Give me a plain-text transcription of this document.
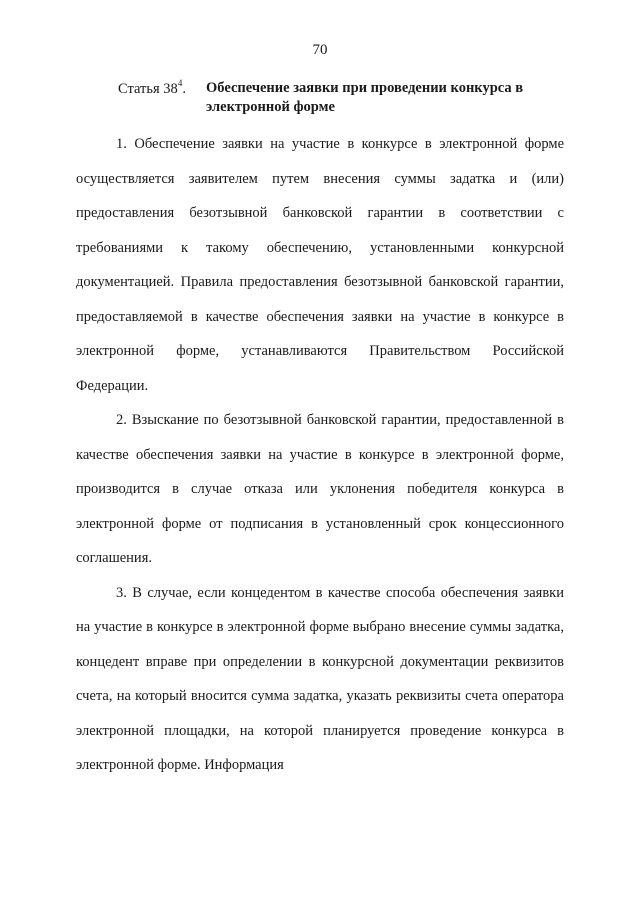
70
Статья $38^4$. Обеспечение заявки при проведении конкурса в электронной форме

1. Обеспечение заявки на участие в конкурсе в электронной форме осуществляется заявителем путем внесения суммы задатка и (или) предоставления безотзывной банковской гарантии в соответствии с требованиями к такому обеспечению, установленными конкурсной документацией. Правила предоставления безотзывной банковской гарантии, предоставляемой в качестве обеспечения заявки на участие в конкурсе в электронной форме, устанавливаются Правительством Российской Федерации.

2. Взыскание по безотзывной банковской гарантии, предоставленной в качестве обеспечения заявки на участие в конкурсе в электронной форме, производится в случае отказа или уклонения победителя конкурса в электронной форме от подписания в установленный срок концессионного соглашения.

3. В случае, если концедентом в качестве способа обеспечения заявки на участие в конкурсе в электронной форме выбрано внесение суммы задатка, концедент вправе при определении в конкурсной документации реквизитов счета, на который вносится сумма задатка, указать реквизиты счета оператора электронной площадки, на которой планируется проведение конкурса в электронной форме. Информация
